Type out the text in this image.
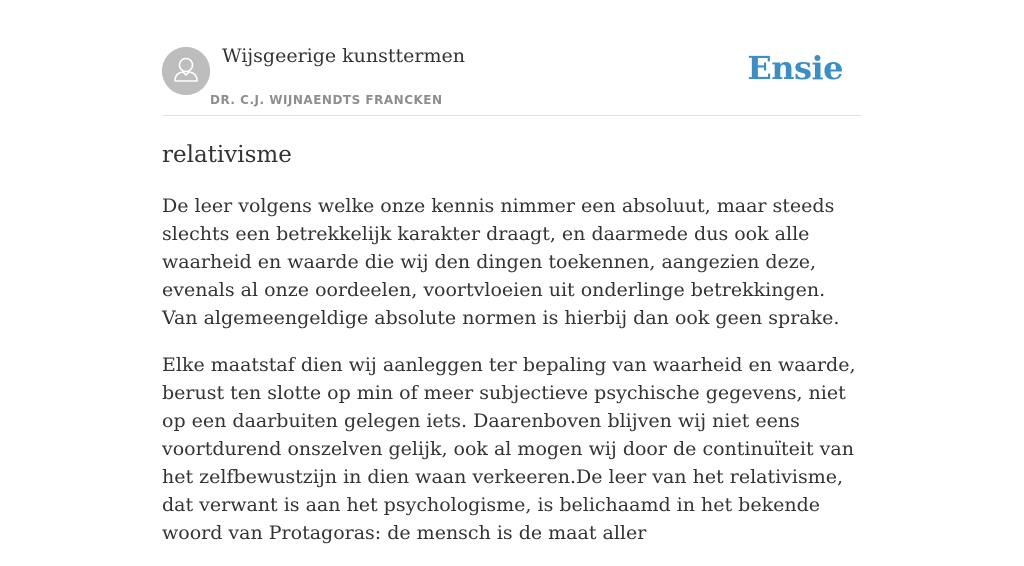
Wijsgeerige kunsttermen
DR. C.J. WIJNAENDTS FRANCKEN
Ensie
relativisme

De leer volgens welke onze kennis nimmer een absoluut, maar steeds slechts een betrekkelijk karakter draagt, en daarmede dus ook alle waarheid en waarde die wij den dingen toekennen, aangezien deze, evenals al onze oordeelen, voortvloeien uit onderlinge betrekkingen. Van algemeengeldige absolute normen is hierbij dan ook geen sprake.

Elke maatstaf dien wij aanleggen ter bepaling van waarheid en waarde, berust ten slotte op min of meer subjectieve psychische gegevens, niet op een daarbuiten gelegen iets. Daarenboven blijven wij niet eens voortdurend onszelven gelijk, ook al mogen wij door de continuïteit van het zelfbewustzijn in dien waan verkeeren.De leer van het relativisme, dat verwant is aan het psychologisme, is belichaamd in het bekende woord van Protagoras: de mensch is de maat aller
